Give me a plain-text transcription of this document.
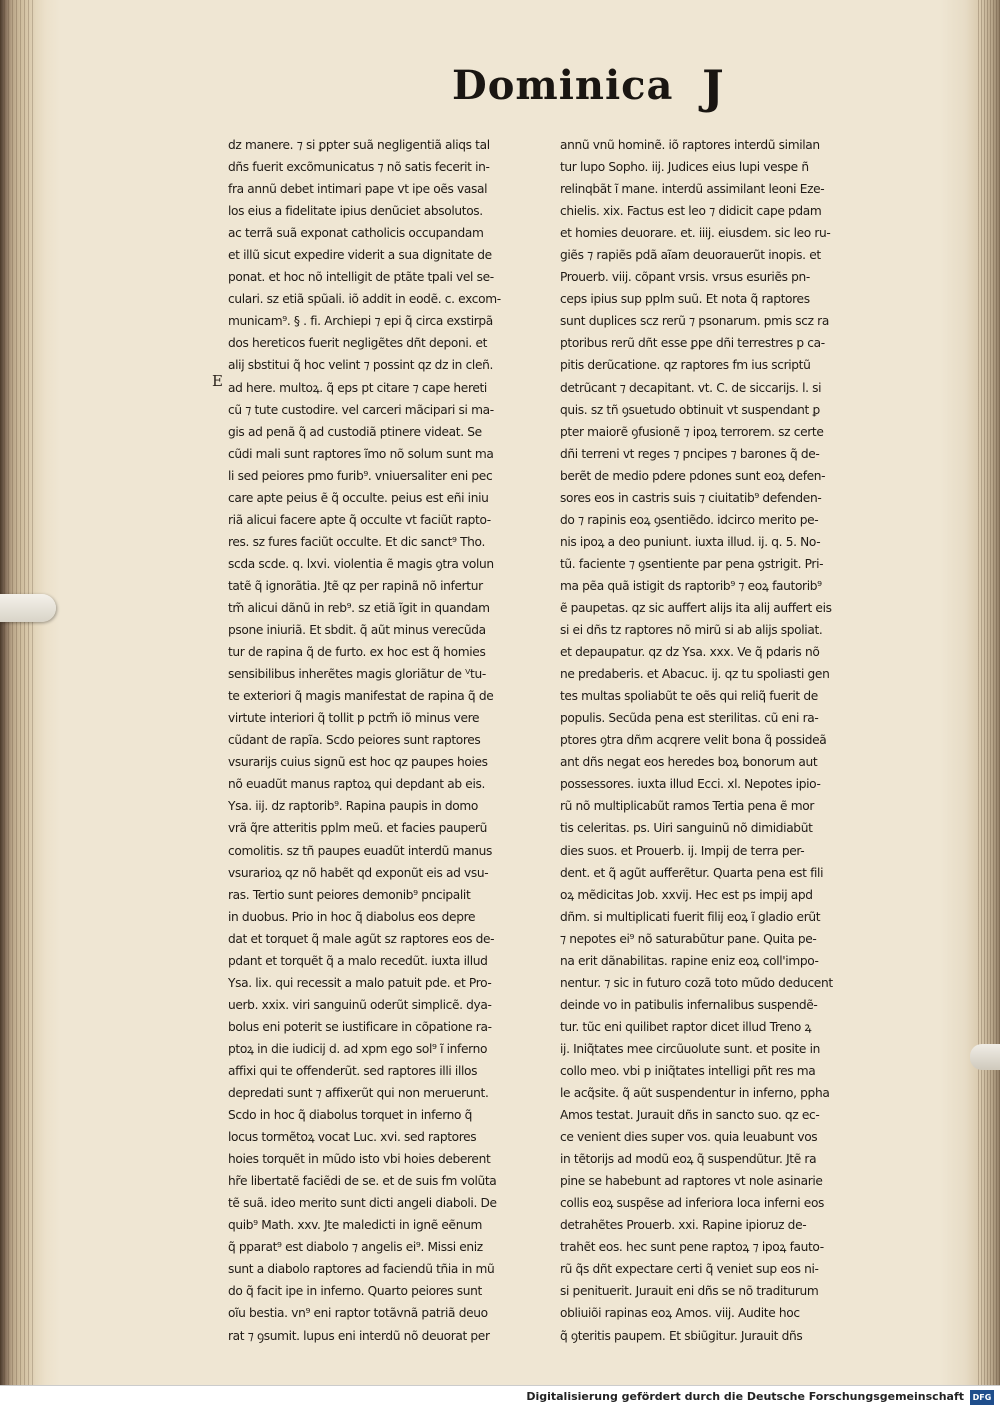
Dominica J
E
dz manere. ⁊ si ꝑpter suã negligentiã aliqs tal
dñs fuerit excõmunicatus ⁊ nõ satis fecerit in-
fra annũ debet intimari pape vt ipe oẽs vasal
los eius a fidelitate ipius denũciet absolutos.
ac terrã suã exponat catholicis occupandam
et illũ sicut expedire viderit a sua dignitate de
ponat. et hoc nõ intelligit de ptãte tpali vel se-
culari. sz etiã spũali. iõ addit in eodẽ. c. excom-
municam⁹. § . fi. Archiepi ⁊ epi q̃ circa exstirpã
dos hereticos fuerit negligẽtes dñt deponi. et
alij sbstitui q̃ hoc velint ⁊ possint qz dz in cleñ.
ad here. multoꝝ. q̃ eps pt citare ⁊ cape hereti
cũ ⁊ tute custodire. vel carceri mãcipari si ma-
gis ad penã q̃ ad custodiã ptinere videat. Se
cũdi mali sunt raptores ĩmo nõ solum sunt ma
li sed peiores pmo furib⁹. vniuersaliter eni pec
care apte peius ẽ q̃ occulte. peius est eñi iniu
riã alicui facere apte q̃ occulte vt faciũt rapto-
res. sz fures faciũt occulte. Et dic sanct⁹ Tho.
scda scde. q. lxvi. violentia ẽ magis ꝯtra volun
tatẽ q̃ ignorãtia. Jtẽ qz per rapinã nõ infertur
tm̃ alicui dãnũ in reb⁹. sz etiã ĩgit in quandam
psone iniuriã. Et sbdit. q̃ aũt minus verecũda
tur de rapina q̃ de furto. ex hoc est q̃ homies
sensibilibus inherẽtes magis gloriãtur de ⱽtu-
te exteriori q̃ magis manifestat de rapina q̃ de
virtute interiori q̃ tollit p pctm̃ iõ minus vere
cũdant de rapĩa. Scdo peiores sunt raptores
vsurarijs cuius signũ est hoc qz paupes hoies
nõ euadũt manus raptoꝝ qui depdant ab eis.
Ysa. iij. dz raptorib⁹. Rapina paupis in domo
vrã q̃re atteritis pplm meũ. et facies pauperũ
comolitis. sz tñ paupes euadũt interdũ manus
vsurarioꝝ qz nõ habẽt qd exponũt eis ad vsu-
ras. Tertio sunt peiores demonib⁹ pncipalit
in duobus. Prio in hoc q̃ diabolus eos depre
dat et torquet q̃ male agũt sz raptores eos de-
pdant et torquẽt q̃ a malo recedũt. iuxta illud
Ysa. lix. qui recessit a malo patuit pde. et Pro-
uerb. xxix. viri sanguinũ oderũt simplicẽ. dya-
bolus eni poterit se iustificare in cõpatione ra-
ptoꝝ in die iudicij d. ad xpm ego sol⁹ ĩ inferno
affixi qui te offenderũt. sed raptores illi illos
depredati sunt ⁊ affixerũt qui non meruerunt.
Scdo in hoc q̃ diabolus torquet in inferno q̃
locus tormẽtoꝝ vocat Luc. xvi. sed raptores
hoies torquẽt in mũdo isto vbi hoies deberent
hr̃e libertatẽ faciẽdi de se. et de suis fm volũta
tẽ suã. ideo merito sunt dicti angeli diaboli. De
quib⁹ Math. xxv. Jte maledicti in ignẽ eẽnum
q̃ pparat⁹ est diabolo ⁊ angelis ei⁹. Missi eniz
sunt a diabolo raptores ad faciendũ tñia in mũ
do q̃ facit ipe in inferno. Quarto peiores sunt
oĩu bestia. vn⁹ eni raptor totãvnã patriã deuo
rat ⁊ ꝯsumit. lupus eni interdũ nõ deuorat per
annũ vnũ hominẽ. iõ raptores interdũ similan
tur lupo Sopho. iij. Judices eius lupi vespe ñ
relinqbãt ĩ mane. interdũ assimilant leoni Eze-
chielis. xix. Factus est leo ⁊ didicit cape pdam
et homies deuorare. et. iiij. eiusdem. sic leo ru-
giẽs ⁊ rapiẽs pdã aĩam deuorauerũt inopis. et
Prouerb. viij. cõpant vrsis. vrsus esuriẽs pn-
ceps ipius sup pplm suũ. Et nota q̃ raptores
sunt duplices scz rerũ ⁊ psonarum. pmis scz ra
ptoribus rerũ dñt esse ꝑpe dñi terrestres p ca-
pitis derũcatione. qz raptores fm ius scriptũ
detrũcant ⁊ decapitant. vt. C. de siccarijs. l. si
quis. sz tñ ꝯsuetudo obtinuit vt suspendant ꝑ
pter maiorẽ ꝯfusionẽ ⁊ ipoꝝ terrorem. sz certe
dñi terreni vt reges ⁊ pncipes ⁊ barones q̃ de-
berẽt de medio pdere pdones sunt eoꝝ defen-
sores eos in castris suis ⁊ ciuitatib⁹ defenden-
do ⁊ rapinis eoꝝ ꝯsentiẽdo. idcirco merito pe-
nis ipoꝝ a deo puniunt. iuxta illud. ij. q. 5. No-
tũ. faciente ⁊ ꝯsentiente par pena ꝯstrigit. Pri-
ma pẽa quã istigit ds raptorib⁹ ⁊ eoꝝ fautorib⁹
ẽ paupetas. qz sic auffert alijs ita alij auffert eis
si ei dñs tz raptores nõ mirũ si ab alijs spoliat.
et depaupatur. qz dz Ysa. xxx. Ve q̃ pdaris nõ
ne predaberis. et Abacuc. ij. qz tu spoliasti gen
tes multas spoliabũt te oẽs qui reliq̃ fuerit de
populis. Secũda pena est sterilitas. cũ eni ra-
ptores ꝯtra dñm acqrere velit bona q̃ possideã
ant dñs negat eos heredes boꝝ bonorum aut
possessores. iuxta illud Ecci. xl. Nepotes ipio-
rũ nõ multiplicabũt ramos Tertia pena ẽ mor
tis celeritas. ps. Uiri sanguinũ nõ dimidiabũt
dies suos. et Prouerb. ij. Impij de terra per-
dent. et q̃ agũt aufferẽtur. Quarta pena est fili
oꝝ mẽdicitas Job. xxvij. Hec est ps impij apd
dñm. si multiplicati fuerit filij eoꝝ ĩ gladio erũt
⁊ nepotes ei⁹ nõ saturabũtur pane. Quita pe-
na erit dãnabilitas. rapine eniz eoꝝ coll'impo-
nentur. ⁊ sic in futuro cozã toto mũdo deducent
deinde vo in patibulis infernalibus suspendẽ-
tur. tũc eni quilibet raptor dicet illud Treno ꝝ
ij. Iniq̃tates mee circũuolute sunt. et posite in
collo meo. vbi p iniq̃tates intelligi pñt res ma
le acq̃site. q̃ aũt suspendentur in inferno, ppha
Amos testat. Jurauit dñs in sancto suo. qz ec-
ce venient dies super vos. quia leuabunt vos
in tẽtorijs ad modũ eoꝝ q̃ suspendũtur. Jtẽ ra
pine se habebunt ad raptores vt nole asinarie
collis eoꝝ suspẽse ad inferiora loca inferni eos
detrahẽtes Prouerb. xxi. Rapine ipioruz de-
trahẽt eos. hec sunt pene raptoꝝ ⁊ ipoꝝ fauto-
rũ q̃s dñt expectare certi q̃ veniet sup eos ni-
si penituerit. Jurauit eni dñs se nõ traditurum
obliuiõi rapinas eoꝝ Amos. viij. Audite hoc
q̃ ꝯteritis paupem. Et sbiũgitur. Jurauit dñs
Digitalisierung gefördert durch die Deutsche Forschungsgemeinschaft	DFG
